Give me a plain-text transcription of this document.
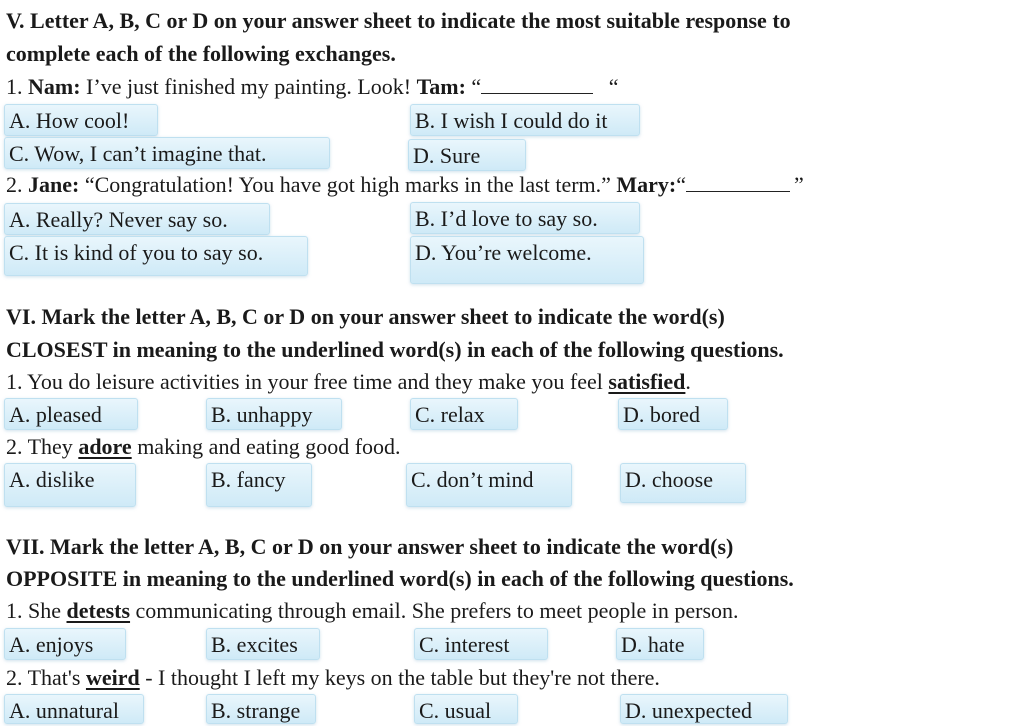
V. Letter A, B, C or D on your answer sheet to indicate the most suitable response to
complete each of the following exchanges.
1. Nam: I’ve just finished my painting. Look! Tam: “	“
A. How cool!	B. I wish I could do it
C. Wow, I can’t imagine that.	D. Sure
2. Jane: “Congratulation! You have got high marks in the last term.” Mary:“	”
A. Really? Never say so.	B. I’d love to say so.
C. It is kind of you to say so.	D. You’re welcome.
VI. Mark the letter A, B, C or D on your answer sheet to indicate the word(s)
CLOSEST in meaning to the underlined word(s) in each of the following questions.
1. You do leisure activities in your free time and they make you feel satisfied.
A. pleased	B. unhappy	C. relax	D. bored
2. They adore making and eating good food.
A. dislike	B. fancy	C. don’t mind	D. choose
VII. Mark the letter A, B, C or D on your answer sheet to indicate the word(s)
OPPOSITE in meaning to the underlined word(s) in each of the following questions.
1. She detests communicating through email. She prefers to meet people in person.
A. enjoys	B. excites	C. interest	D. hate
2. That's weird - I thought I left my keys on the table but they're not there.
A. unnatural	B. strange	C. usual	D. unexpected
